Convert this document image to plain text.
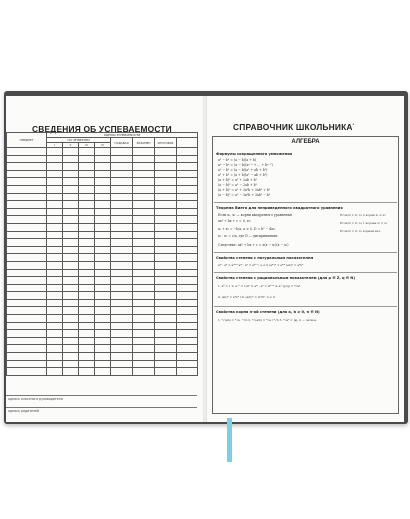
СВЕДЕНИЯ ОБ УСПЕВАЕМОСТИ
ПРЕДМЕТ	ОЦЕНКА УСПЕВАЕМОСТИ							
	ПО ЧЕТВЕРТЯМ				ГОДОВАЯ	ЭКЗАМЕН	ИТОГОВАЯ	
	I	II	III	IV				

одпись классного руководителя
одпись родителей
СПРАВОЧНИК ШКОЛЬНИКА*
АЛГЕБРА
Формулы сокращенного умножения
a² − b² = (a − b)(a + b)
aⁿ − bⁿ = (a − b)(aⁿ⁻¹ + ... + bⁿ⁻¹)
a³ − b³ = (a − b)(a² + ab + b²)
a³ + b³ = (a + b)(a² − ab + b²)
(a + b)² = a² + 2ab + b²
(a − b)² = a² − 2ab + b²
(a + b)³ = a³ + 3a²b + 3ab² + b³
(a − b)³ = a³ − 3a²b + 3ab² − b³
Теорема Виета для неприведенного квадратного уравнения
Если x₁, x₂ — корни квадратного уравнения
ax² + bx + c = 0, то
x₁ + x₂ = −b/a, a ≠ 0, D = b² − 4ac,
x₁ · x₂ = c/a, где D — дискриминант.
Следствие: ax² + bx + c = a(x − x₁)(x − x₂)
Если D > 0, то 2 корня x₁ ≠ x₂
Если D = 0, то 1 корень x₁ = x₂
Если D < 0, то корней нет.
Свойства степени с натуральным показателем
aᵐ · aⁿ = aᵐ⁺ⁿ aᵐ : aⁿ = aᵐ⁻ⁿ, a ≠ 0 (aᵐ)ⁿ = aᵐⁿ (ab)ⁿ = aⁿbⁿ
Свойства степени с рациональным показателем (для p ∈ Z, q ∈ N)
1. a⁰ = 1 2. a⁻ⁿ = 1/aⁿ 3. aᵐ · aⁿ = aᵐ⁺ⁿ 4. a^(p/q) = ᵠ√aᵖ
9. (ab)ⁿ = aⁿbⁿ 10. (a/b)ⁿ = aⁿ/bⁿ, b ≠ 0
Свойства корня n-ой степени (для a, b ≥ 0, n ∈ N)
1. ⁿ√(ab) = ⁿ√a · ⁿ√b 2. ⁿ√(a/b) = ⁿ√a / ⁿ√b 3. ⁿ√aⁿ = |a|, n — четное
